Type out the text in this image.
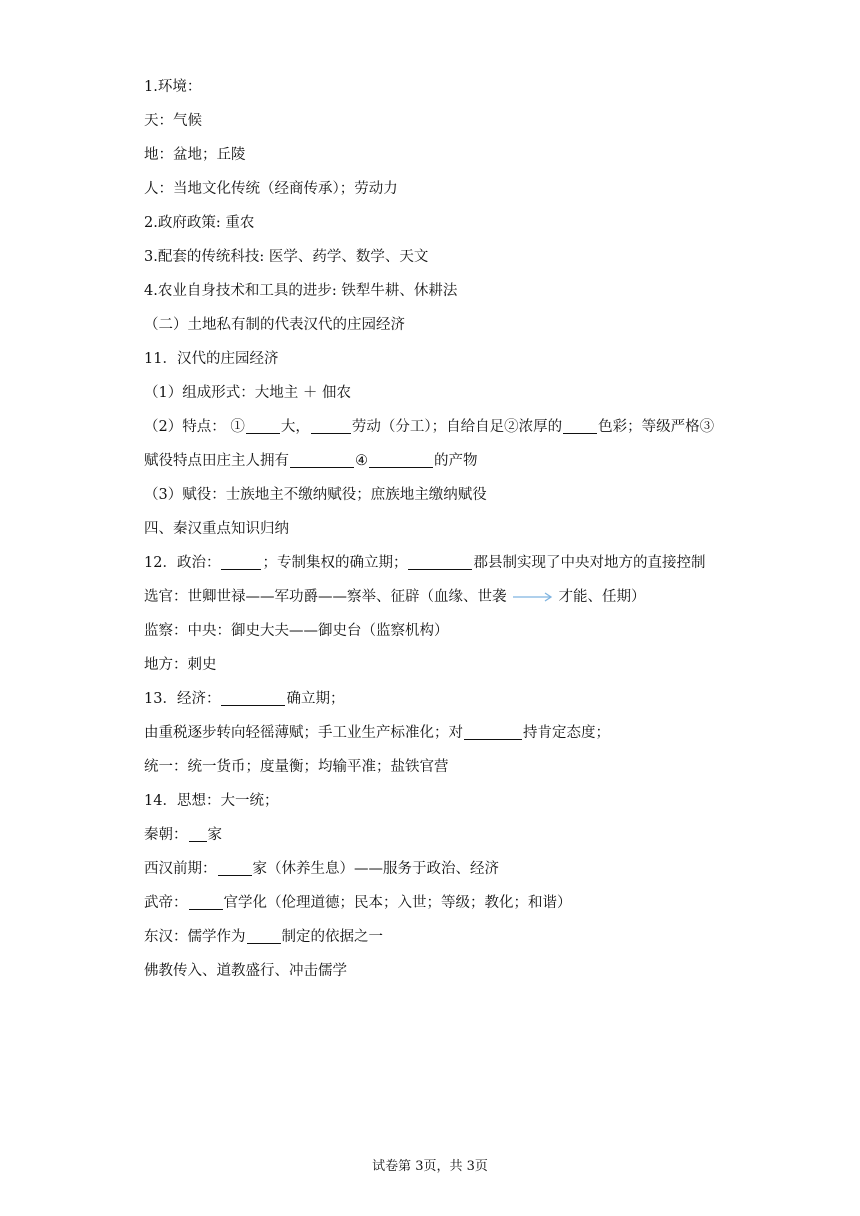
1.环境：
天：气候
地：盆地；丘陵
人：当地文化传统（经商传承）；劳动力
2.政府政策: 重农
3.配套的传统科技: 医学、药学、数学、天文
4.农业自身技术和工具的进步: 铁犁牛耕、休耕法
（二）土地私有制的代表汉代的庄园经济
11．汉代的庄园经济
（1）组成形式：大地主 ＋ 佃农
（2）特点： ① 大，	劳动（分工）；自给自足②浓厚的 色彩；等级严格③
赋役特点田庄主人拥有	④	的产物
（3）赋役：士族地主不缴纳赋役；庶族地主缴纳赋役
四、秦汉重点知识归纳
12．政治：	；专制集权的确立期；	郡县制实现了中央对地方的直接控制
选官：世卿世禄——军功爵——察举、征辟（血缘、世袭	才能、任期）
监察：中央：御史大夫——御史台（监察机构）
地方：刺史
13．经济：	确立期；
由重税逐步转向轻徭薄赋；手工业生产标准化；对	持肯定态度；
统一：统一货币；度量衡；均输平准；盐铁官营
14．思想：大一统；
秦朝： 家
西汉前期： 家（休养生息）——服务于政治、经济
武帝： 官学化（伦理道德；民本；入世；等级；教化；和谐）
东汉：儒学作为 制定的依据之一
佛教传入、道教盛行、冲击儒学
试卷第 3页，共 3页
